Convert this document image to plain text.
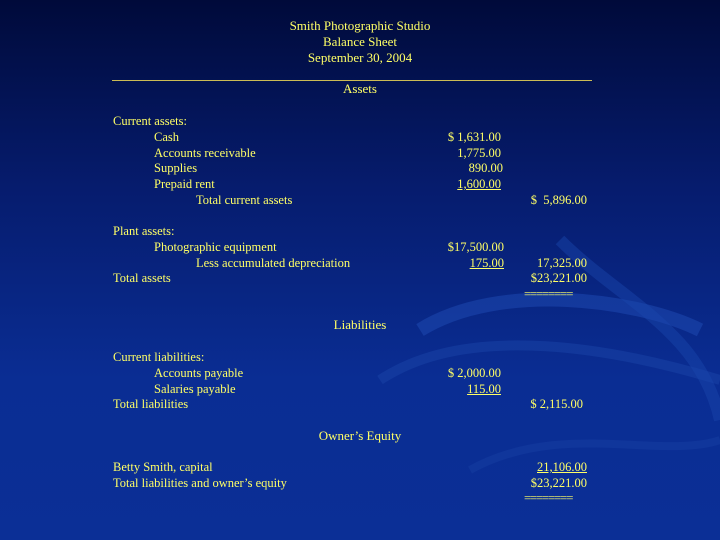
Smith Photographic Studio
Balance Sheet
September 30, 2004
Assets
Current assets:
Cash	$ 1,631.00
Accounts receivable	1,775.00
Supplies	890.00
Prepaid rent	1,600.00
Total current assets	$  5,896.00
Plant assets:
Photographic equipment	$17,500.00
Less accumulated depreciation	175.00	17,325.00
Total assets	$23,221.00
========
Liabilities
Current liabilities:
Accounts payable	$ 2,000.00
Salaries payable	115.00
Total liabilities	$ 2,115.00
Owner’s Equity
Betty Smith, capital	21,106.00
Total liabilities and owner’s equity	$23,221.00
========
